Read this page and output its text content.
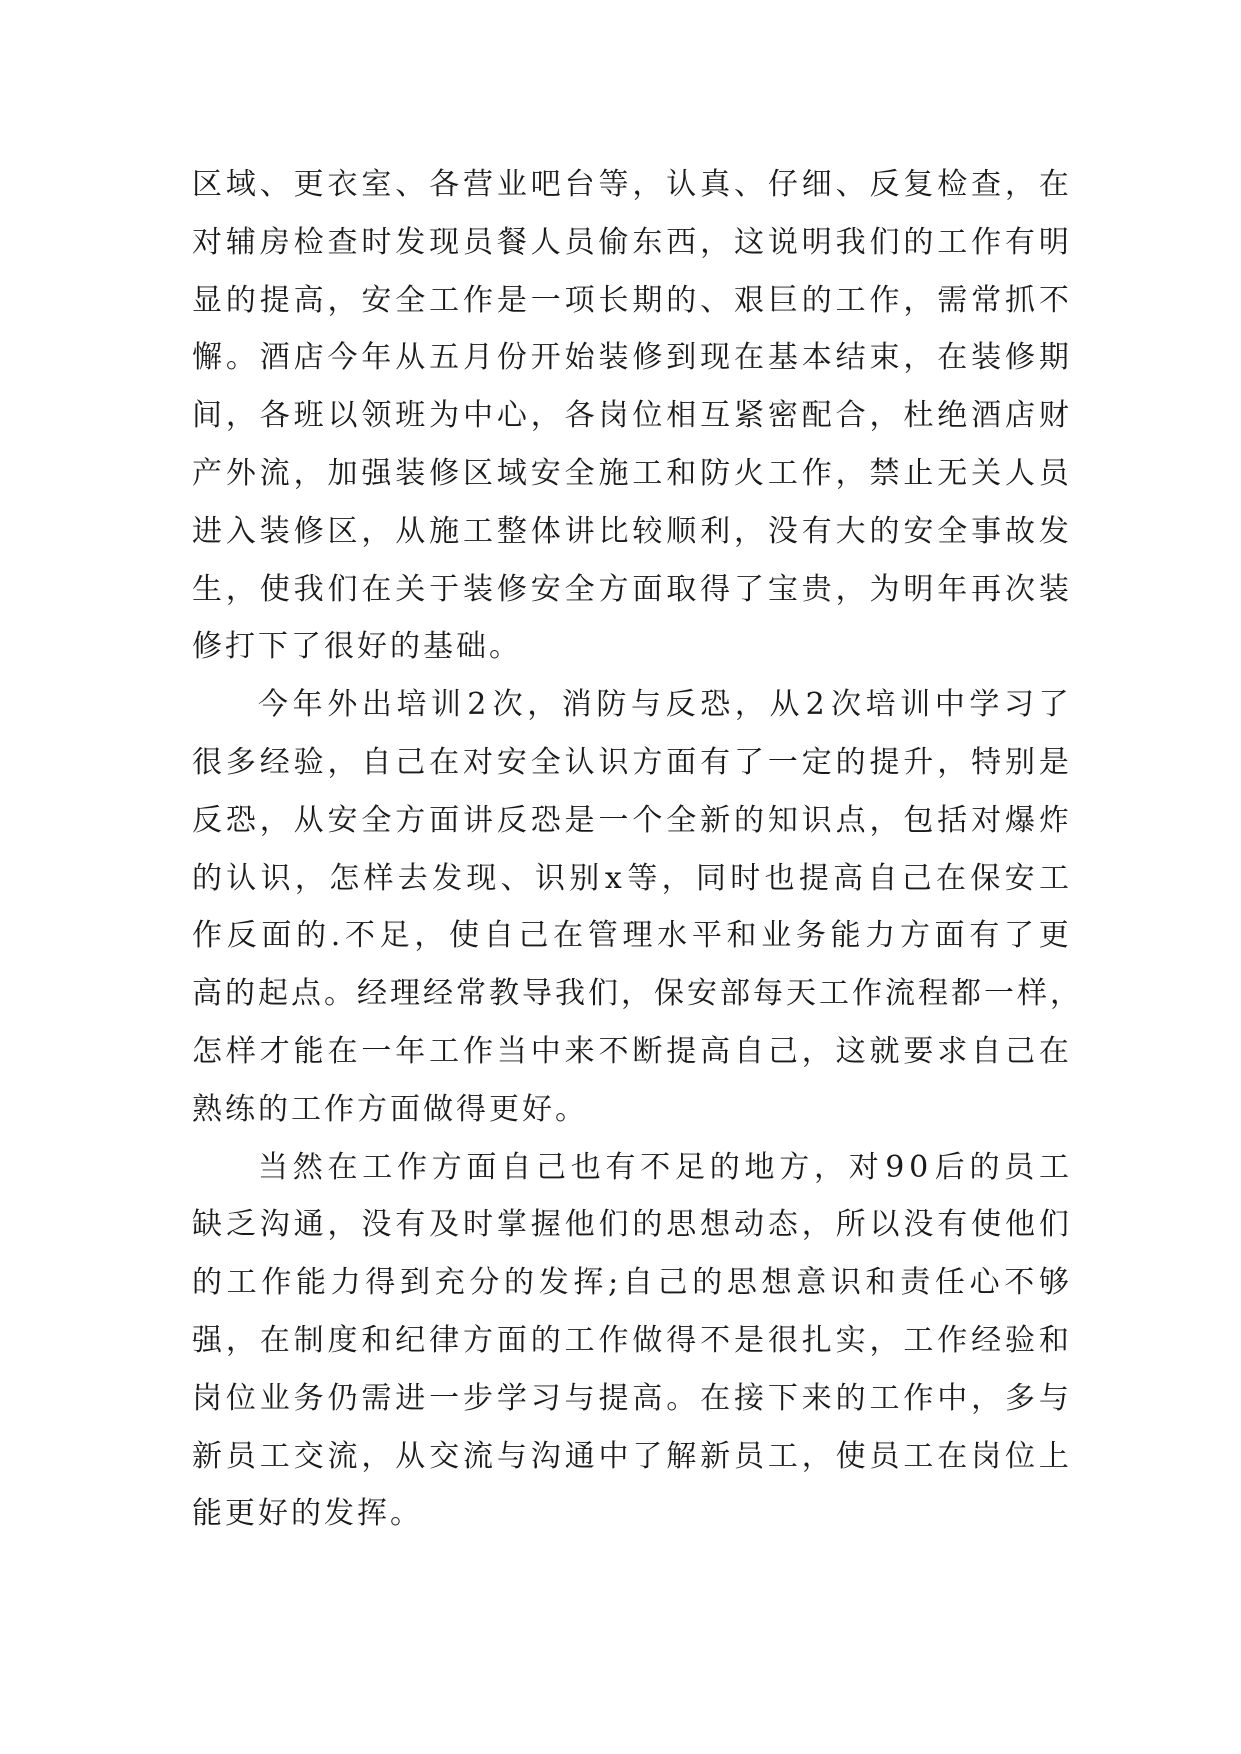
区 域 、 更 衣 室 、 各 营 业 吧 台 等 ， 认 真 、 仔 细 、 反 复 检 查 ， 在
对 辅 房 检 查 时 发 现 员 餐 人 员 偷 东 西 ， 这 说 明 我 们 的 工 作 有 明
显 的 提 高 ， 安 全 工 作 是 一 项 长 期 的 、 艰 巨 的 工 作 ， 需 常 抓 不
懈 。 酒 店 今 年 从 五 月 份 开 始 装 修 到 现 在 基 本 结 束 ， 在 装 修 期
间 ， 各 班 以 领 班 为 中 心 ， 各 岗 位 相 互 紧 密 配 合 ， 杜 绝 酒 店 财
产 外 流 ， 加 强 装 修 区 域 安 全 施 工 和 防 火 工 作 ， 禁 止 无 关 人 员
进 入 装 修 区 ， 从 施 工 整 体 讲 比 较 顺 利 ， 没 有 大 的 安 全 事 故 发
生 ， 使 我 们 在 关 于 装 修 安 全 方 面 取 得 了 宝 贵 ， 为 明 年 再 次 装
修打下了很好的基础。
今 年 外 出 培 训 2 次 ， 消 防 与 反 恐 ， 从 2 次 培 训 中 学 习 了
很 多 经 验 ， 自 己 在 对 安 全 认 识 方 面 有 了 一 定 的 提 升 ， 特 别 是
反 恐 ， 从 安 全 方 面 讲 反 恐 是 一 个 全 新 的 知 识 点 ， 包 括 对 爆 炸
的 认 识 ， 怎 样 去 发 现 、 识 别 x 等 ， 同 时 也 提 高 自 己 在 保 安 工
作 反 面 的 . 不 足 ， 使 自 己 在 管 理 水 平 和 业 务 能 力 方 面 有 了 更
高 的 起 点 。 经 理 经 常 教 导 我 们 ， 保 安 部 每 天 工 作 流 程 都 一 样 ，
怎 样 才 能 在 一 年 工 作 当 中 来 不 断 提 高 自 己 ， 这 就 要 求 自 己 在
熟练的工作方面做得更好。
当 然 在 工 作 方 面 自 己 也 有 不 足 的 地 方 ， 对 9 0 后 的 员 工
缺 乏 沟 通 ， 没 有 及 时 掌 握 他 们 的 思 想 动 态 ， 所 以 没 有 使 他 们
的 工 作 能 力 得 到 充 分 的 发 挥 ; 自 己 的 思 想 意 识 和 责 任 心 不 够
强 ， 在 制 度 和 纪 律 方 面 的 工 作 做 得 不 是 很 扎 实 ， 工 作 经 验 和
岗 位 业 务 仍 需 进 一 步 学 习 与 提 高 。 在 接 下 来 的 工 作 中 ， 多 与
新 员 工 交 流 ， 从 交 流 与 沟 通 中 了 解 新 员 工 ， 使 员 工 在 岗 位 上
能更好的发挥。
